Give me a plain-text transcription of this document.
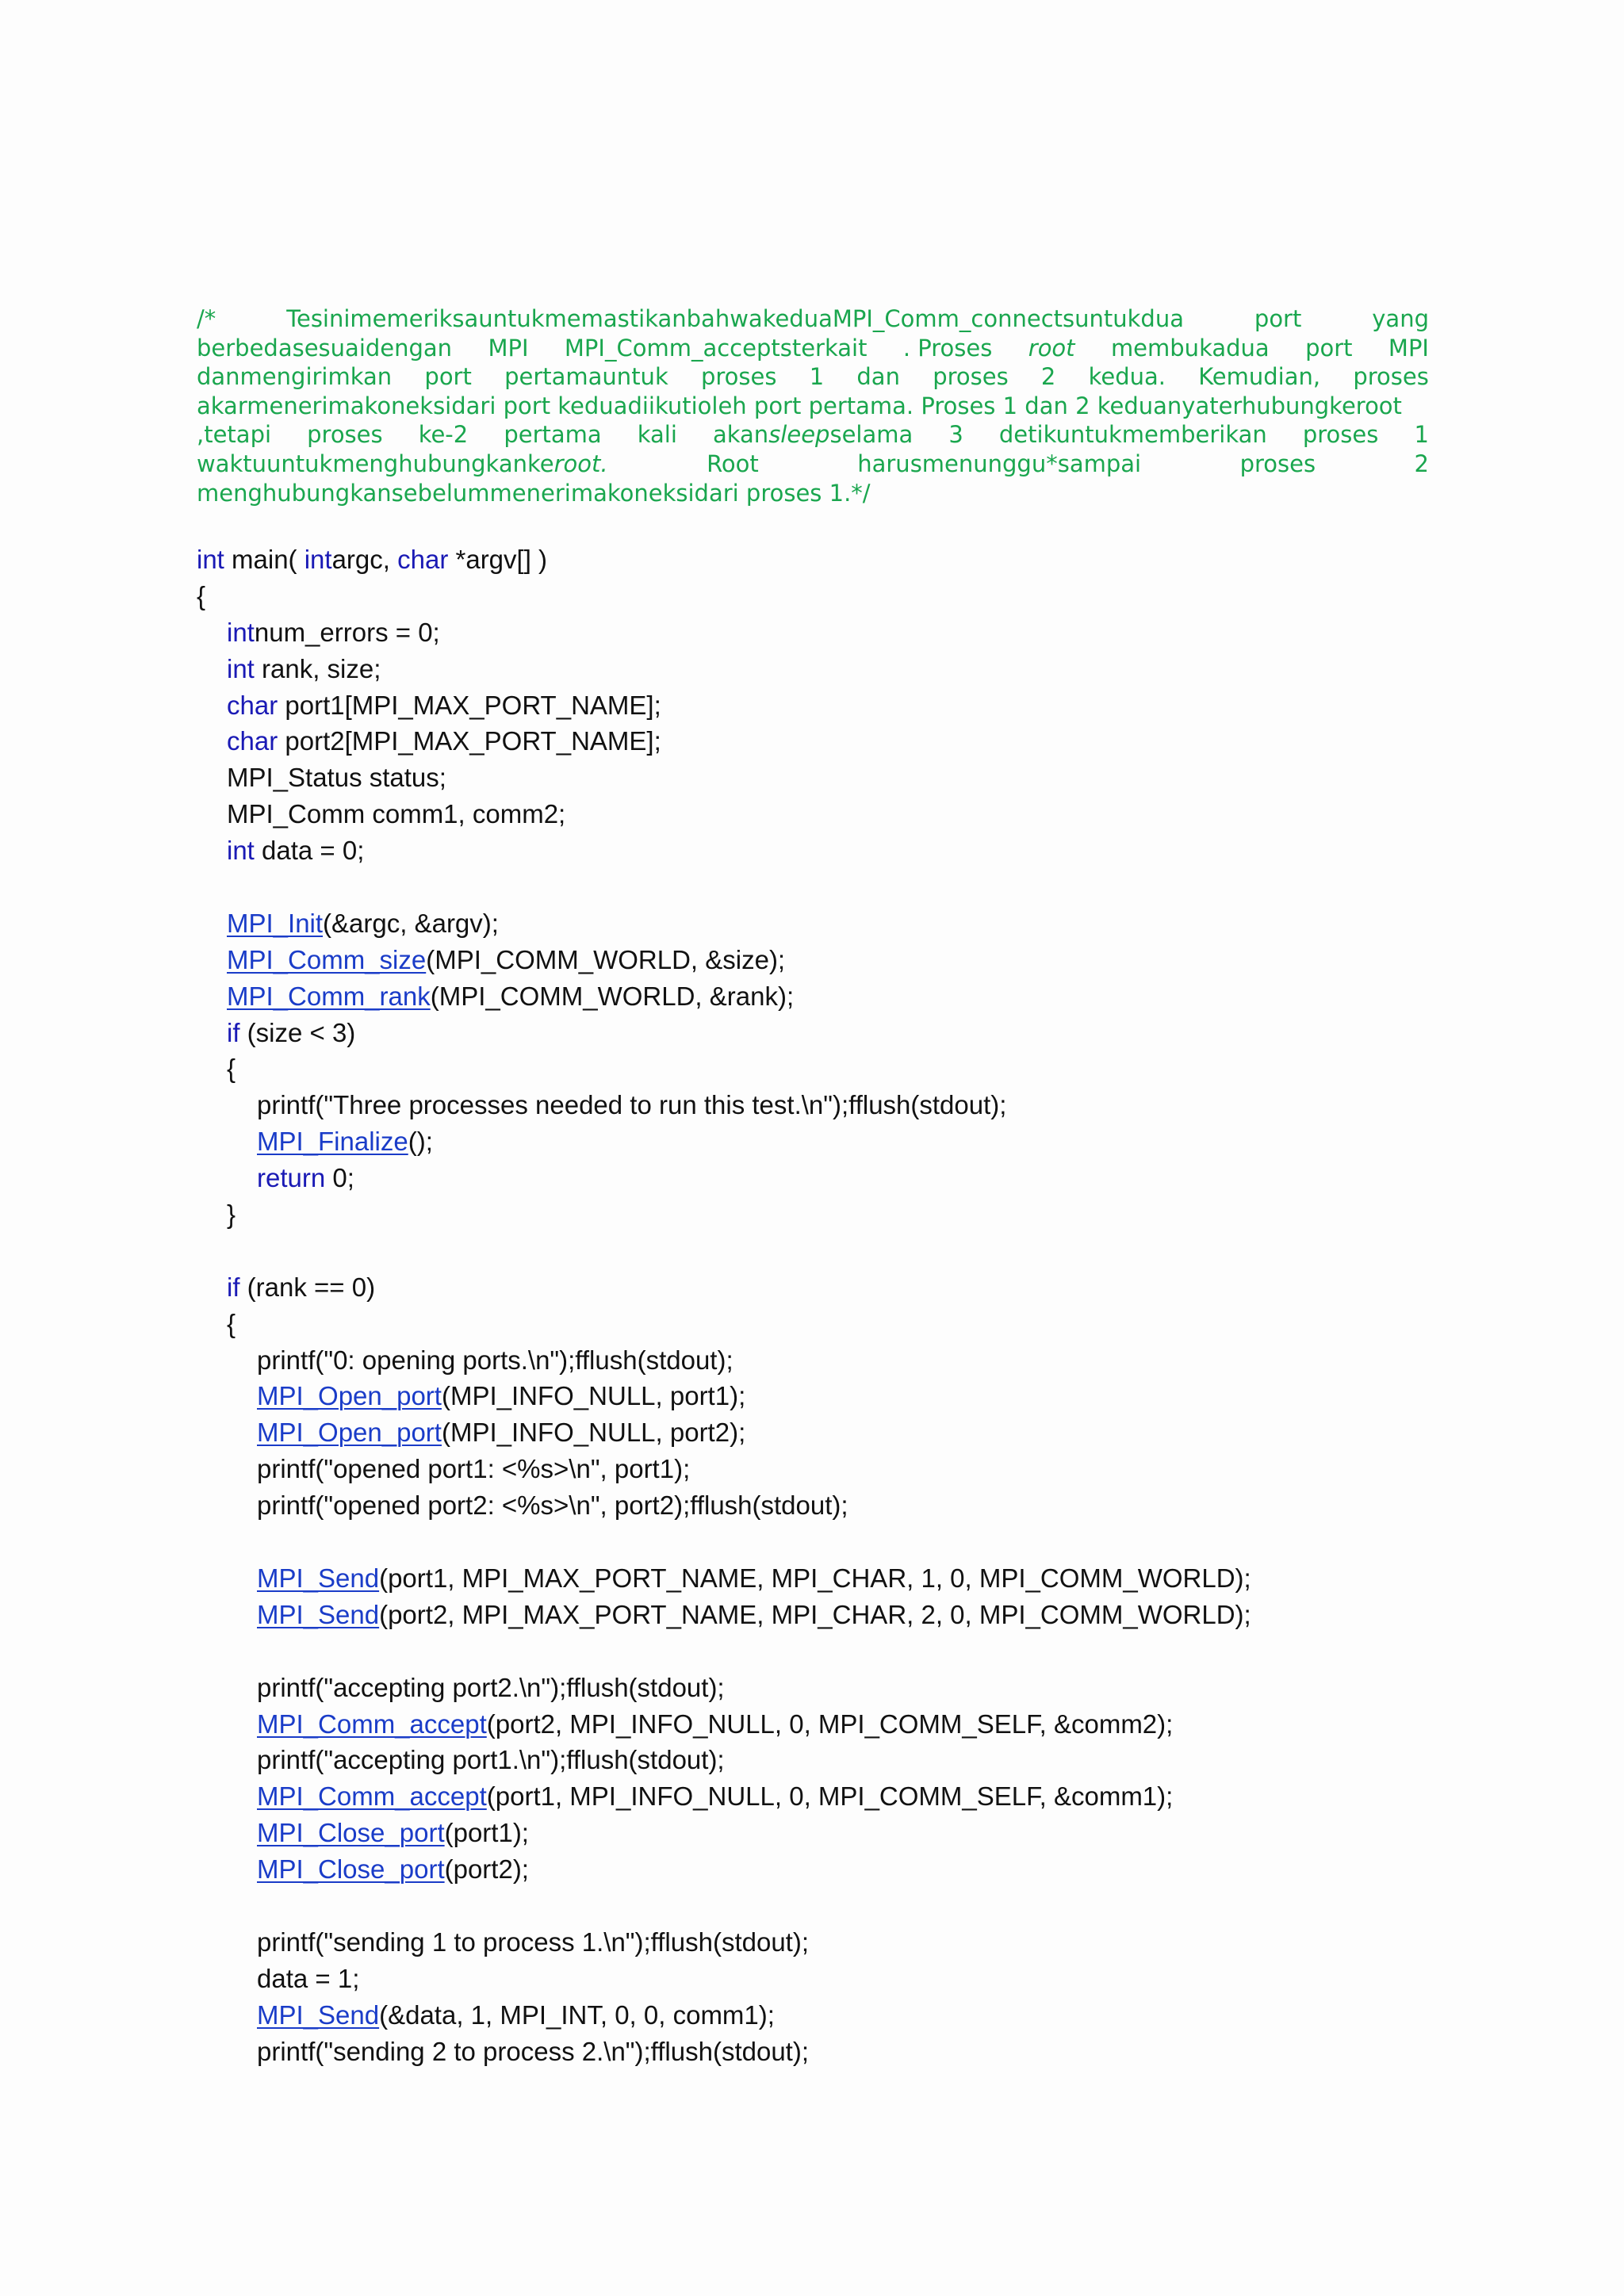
/*	TesinimemeriksauntukmemastikanbahwakeduaMPI_Comm_connectsuntukdua	port	yang
berbedasesuaidengan MPI MPI_Comm_acceptsterkait . Proses root membukadua port MPI
danmengirimkan port pertamauntuk proses 1 dan proses 2 kedua. Kemudian, proses
akarmenerimakoneksidari port keduadiikutioleh port pertama. Proses 1 dan 2 keduanyaterhubungkeroot
,tetapi proses ke-2 pertama kali akansleepselama 3 detikuntukmemberikan proses 1
waktuuntukmenghubungkankeroot.	Root	harusmenunggu*sampai	proses	2
menghubungkansebelummenerimakoneksidari proses 1.*/
int main( intargc, char *argv[] )
{
intnum_errors = 0;
int rank, size;
char port1[MPI_MAX_PORT_NAME];
char port2[MPI_MAX_PORT_NAME];
MPI_Status status;
MPI_Comm comm1, comm2;
int data = 0;
MPI_Init(&argc, &argv);
MPI_Comm_size(MPI_COMM_WORLD, &size);
MPI_Comm_rank(MPI_COMM_WORLD, &rank);
if (size < 3)
{
printf("Three processes needed to run this test.\n");fflush(stdout);
MPI_Finalize();
return 0;
}
if (rank == 0)
{
printf("0: opening ports.\n");fflush(stdout);
MPI_Open_port(MPI_INFO_NULL, port1);
MPI_Open_port(MPI_INFO_NULL, port2);
printf("opened port1: <%s>\n", port1);
printf("opened port2: <%s>\n", port2);fflush(stdout);
MPI_Send(port1, MPI_MAX_PORT_NAME, MPI_CHAR, 1, 0, MPI_COMM_WORLD);
MPI_Send(port2, MPI_MAX_PORT_NAME, MPI_CHAR, 2, 0, MPI_COMM_WORLD);
printf("accepting port2.\n");fflush(stdout);
MPI_Comm_accept(port2, MPI_INFO_NULL, 0, MPI_COMM_SELF, &comm2);
printf("accepting port1.\n");fflush(stdout);
MPI_Comm_accept(port1, MPI_INFO_NULL, 0, MPI_COMM_SELF, &comm1);
MPI_Close_port(port1);
MPI_Close_port(port2);
printf("sending 1 to process 1.\n");fflush(stdout);
data = 1;
MPI_Send(&data, 1, MPI_INT, 0, 0, comm1);
printf("sending 2 to process 2.\n");fflush(stdout);
